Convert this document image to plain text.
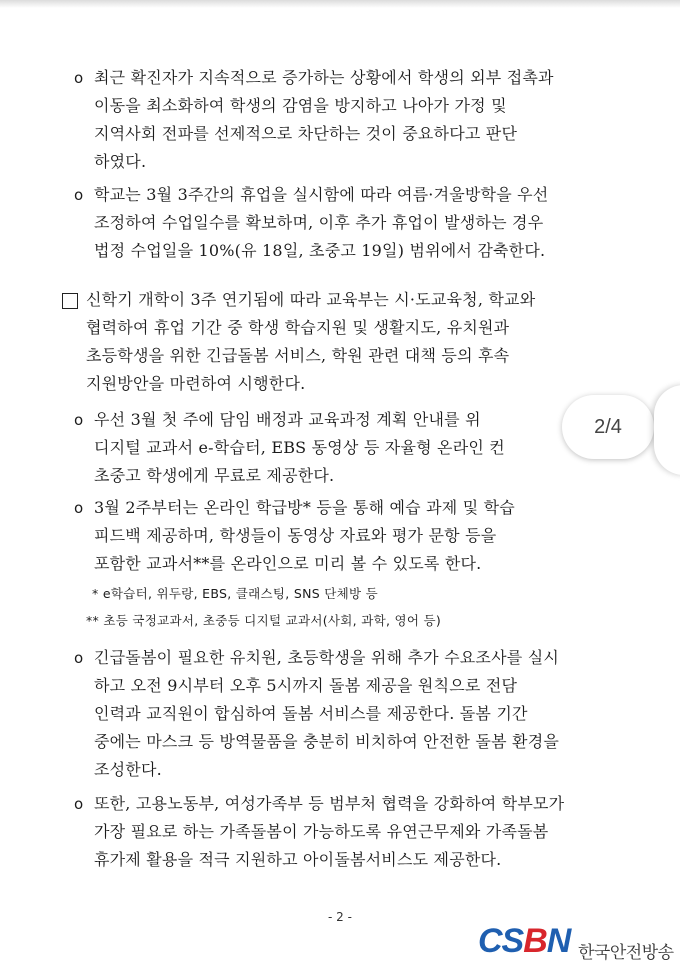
o 최근 확진자가 지속적으로 증가하는 상황에서 학생의 외부 접촉과
이동을 최소화하여 학생의 감염을 방지하고 나아가 가정 및
지역사회 전파를 선제적으로 차단하는 것이 중요하다고 판단
하였다.
o 학교는 3월 3주간의 휴업을 실시함에 따라 여름·겨울방학을 우선
조정하여 수업일수를 확보하며, 이후 추가 휴업이 발생하는 경우
법정 수업일을 10%(유 18일, 초중고 19일) 범위에서 감축한다.
신학기 개학이 3주 연기됨에 따라 교육부는 시·도교육청, 학교와
협력하여 휴업 기간 중 학생 학습지원 및 생활지도, 유치원과
초등학생을 위한 긴급돌봄 서비스, 학원 관련 대책 등의 후속
지원방안을 마련하여 시행한다.
o 우선 3월 첫 주에 담임 배정과 교육과정 계획 안내를 위
디지털 교과서 e-학습터, EBS 동영상 등 자율형 온라인 컨
초중고 학생에게 무료로 제공한다.
o 3월 2주부터는 온라인 학급방* 등을 통해 예습 과제 및 학습
피드백 제공하며, 학생들이 동영상 자료와 평가 문항 등을
포함한 교과서**를 온라인으로 미리 볼 수 있도록 한다.
* e학습터, 위두랑, EBS, 클래스팅, SNS 단체방 등
** 초등 국정교과서, 초중등 디지털 교과서(사회, 과학, 영어 등)
o 긴급돌봄이 필요한 유치원, 초등학생을 위해 추가 수요조사를 실시
하고 오전 9시부터 오후 5시까지 돌봄 제공을 원칙으로 전담
인력과 교직원이 합심하여 돌봄 서비스를 제공한다. 돌봄 기간
중에는 마스크 등 방역물품을 충분히 비치하여 안전한 돌봄 환경을
조성한다.
o 또한, 고용노동부, 여성가족부 등 범부처 협력을 강화하여 학부모가
가장 필요로 하는 가족돌봄이 가능하도록 유연근무제와 가족돌봄
휴가제 활용을 적극 지원하고 아이돌봄서비스도 제공한다.
- 2 -
2/4
CSBN 한국안전방송
